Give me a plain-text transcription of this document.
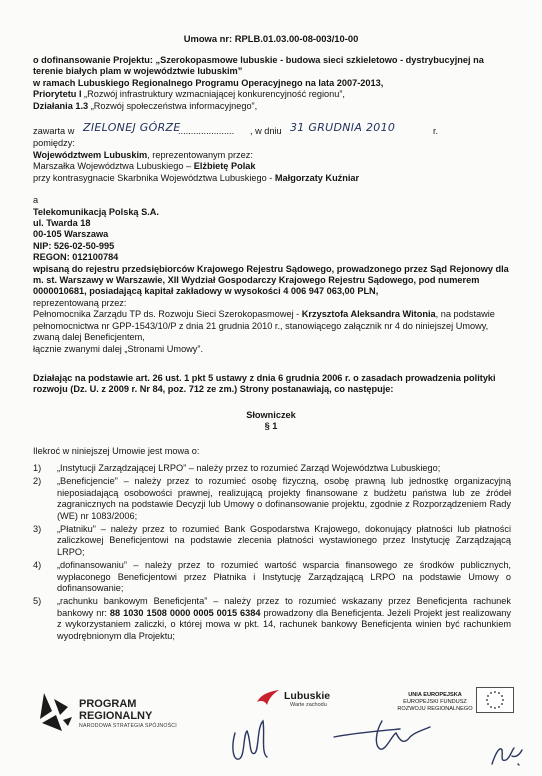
Umowa nr: RPLB.01.03.00-08-003/10-00

o dofinansowanie Projektu: „Szerokopasmowe lubuskie - budowa sieci szkieletowo - dystrybucyjnej na

terenie białych plam w województwie lubuskim”

w ramach Lubuskiego Regionalnego Programu Operacyjnego na lata 2007-2013,

Priorytetu I „Rozwój infrastruktury wzmacniającej konkurencyjność regionu”,

Działania 1.3 „Rozwój społeczeństwa informacyjnego”,

zawarta w ZIELONEJ GÓRZE
...................... , w dniu 31 GRUDNIA 2010	r.
pomiędzy:

Województwem Lubuskim, reprezentowanym przez:

Marszałka Województwa Lubuskiego – Elżbietę Polak

przy kontrasygnacie Skarbnika Województwa Lubuskiego - Małgorzaty Kuźniar

a

Telekomunikacją Polską S.A.

ul. Twarda 18

00-105 Warszawa

NIP: 526-02-50-995

REGON: 012100784

wpisaną do rejestru przedsiębiorców Krajowego Rejestru Sądowego, prowadzonego przez Sąd Rejonowy dla

m. st. Warszawy w Warszawie, XII Wydział Gospodarczy Krajowego Rejestru Sądowego, pod numerem

0000010681, posiadającą kapitał zakładowy w wysokości 4 006 947 063,00 PLN,

reprezentowaną przez:

Pełnomocnika Zarządu TP ds. Rozwoju Sieci Szerokopasmowej - Krzysztofa Aleksandra Witonia, na podstawie

pełnomocnictwa nr GPP-1543/10/P z dnia 21 grudnia 2010 r., stanowiącego załącznik nr 4 do niniejszej Umowy,

zwaną dalej Beneficjentem,

łącznie zwanymi dalej „Stronami Umowy”.

Działając na podstawie art. 26 ust. 1 pkt 5 ustawy z dnia 6 grudnia 2006 r. o zasadach prowadzenia polityki

rozwoju (Dz. U. z 2009 r. Nr 84, poz. 712 ze zm.) Strony postanawiają, co następuje:

Słowniczek

§ 1

Ilekroć w niniejszej Umowie jest mowa o:
1)	„Instytucji Zarządzającej LRPO” – należy przez to rozumieć Zarząd Województwa Lubuskiego;
2)	„Beneficjencie” – należy przez to rozumieć osobę fizyczną, osobę prawną lub jednostkę organizacyjną nieposiadającą osobowości prawnej, realizującą projekty finansowane z budżetu państwa lub ze źródeł zagranicznych na podstawie Decyzji lub Umowy o dofinansowanie projektu, zgodnie z Rozporządzeniem Rady (WE) nr 1083/2006;
3)	„Płatniku” – należy przez to rozumieć Bank Gospodarstwa Krajowego, dokonujący płatności lub płatności zaliczkowej Beneficjentowi na podstawie zlecenia płatności wystawionego przez Instytucję Zarządzającą LRPO;
4)	„dofinansowaniu” – należy przez to rozumieć wartość wsparcia finansowego ze środków publicznych, wypłaconego Beneficjentowi przez Płatnika i Instytucję Zarządzającą LRPO na podstawie Umowy o dofinansowanie;
5)	„rachunku bankowym Beneficjenta” – należy przez to rozumieć wskazany przez Beneficjenta rachunek bankowy nr: 88 1030 1508 0000 0005 0015 6384 prowadzony dla Beneficjenta. Jeżeli Projekt jest realizowany z wykorzystaniem zaliczki, o której mowa w pkt. 14, rachunek bankowy Beneficjenta winien być rachunkiem wyodrębnionym dla Projektu;
PROGRAM
REGIONALNY
NARODOWA STRATEGIA SPÓJNOŚCI
Lubuskie
Warte zachodu
UNIA EUROPEJSKA
EUROPEJSKI FUNDUSZ
ROZWOJU REGIONALNEGO
